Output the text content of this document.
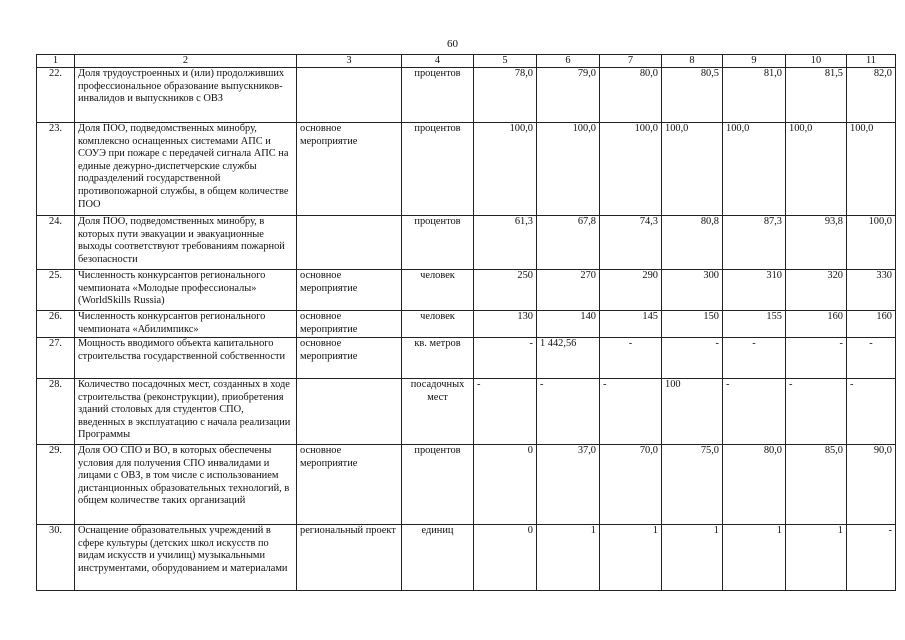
60
1	2	3	4	5	6	7	8	9	10	11
22.	Доля трудоустроенных и (или) продолживших профессиональное образование выпускников-инвалидов и выпускников с ОВЗ		процентов	78,0	79,0	80,0	80,5	81,0	81,5	82,0
23.	Доля ПОО, подведомственных минобру, комплексно оснащенных системами АПС и СОУЭ при пожаре с передачей сигнала АПС на единые дежурно-диспетчерские службы подразделений государственной противопожарной службы, в общем количестве ПОО	основное мероприятие	процентов	100,0	100,0	100,0	100,0	100,0	100,0	100,0
24.	Доля ПОО, подведомственных минобру, в которых пути эвакуации и эвакуационные выходы соответствуют требованиям пожарной безопасности		процентов	61,3	67,8	74,3	80,8	87,3	93,8	100,0
25.	Численность конкурсантов регионального чемпионата «Молодые профессионалы» (WorldSkills Russia)	основное мероприятие	человек	250	270	290	300	310	320	330
26.	Численность конкурсантов регионального чемпионата «Абилимпикс»	основное мероприятие	человек	130	140	145	150	155	160	160
27.	Мощность вводимого объекта капитального строительства государственной собственности	основное мероприятие	кв. метров	-	1 442,56	-	-	-	-	-
28.	Количество посадочных мест, созданных в ходе строительства (реконструкции), приобретения зданий столовых для студентов СПО, введенных в эксплуатацию с начала реализации Программы		посадочных мест	-	-	-	100	-	-	-
29.	Доля ОО СПО и ВО, в которых обеспечены условия для получения СПО инвалидами и лицами с ОВЗ, в том числе с использованием дистанционных образовательных технологий, в общем количестве таких организаций	основное мероприятие	процентов	0	37,0	70,0	75,0	80,0	85,0	90,0
30.	Оснащение образовательных учреждений в сфере культуры (детских школ искусств по видам искусств и училищ) музыкальными инструментами, оборудованием и материалами	региональный проект	единиц	0	1	1	1	1	1	-
